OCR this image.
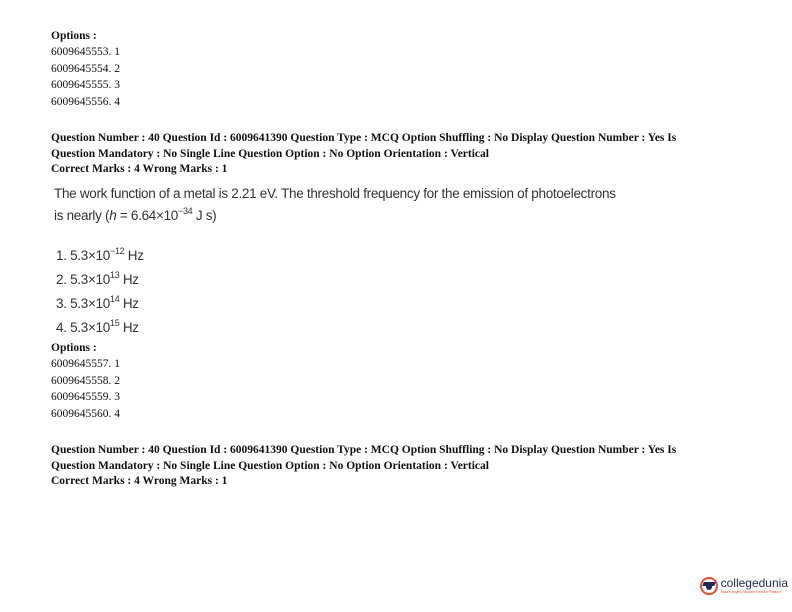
Options :
6009645553. 1
6009645554. 2
6009645555. 3
6009645556. 4
Question Number : 40 Question Id : 6009641390 Question Type : MCQ Option Shuffling : No Display Question Number : Yes Is
Question Mandatory : No Single Line Question Option : No Option Orientation : Vertical
Correct Marks : 4 Wrong Marks : 1
The work function of a metal is 2.21 eV. The threshold frequency for the emission of photoelectrons
is nearly ($h = 6.64\times 10^{-34}$ J s)
1. $5.3\times 10^{-12}$ Hz
2. $5.3\times 10^{13}$ Hz
3. $5.3\times 10^{14}$ Hz
4. $5.3\times 10^{15}$ Hz
Options :
6009645557. 1
6009645558. 2
6009645559. 3
6009645560. 4
Question Number : 40 Question Id : 6009641390 Question Type : MCQ Option Shuffling : No Display Question Number : Yes Is
Question Mandatory : No Single Line Question Option : No Option Orientation : Vertical
Correct Marks : 4 Wrong Marks : 1
collegedunia
India's largest Student Review Platform
